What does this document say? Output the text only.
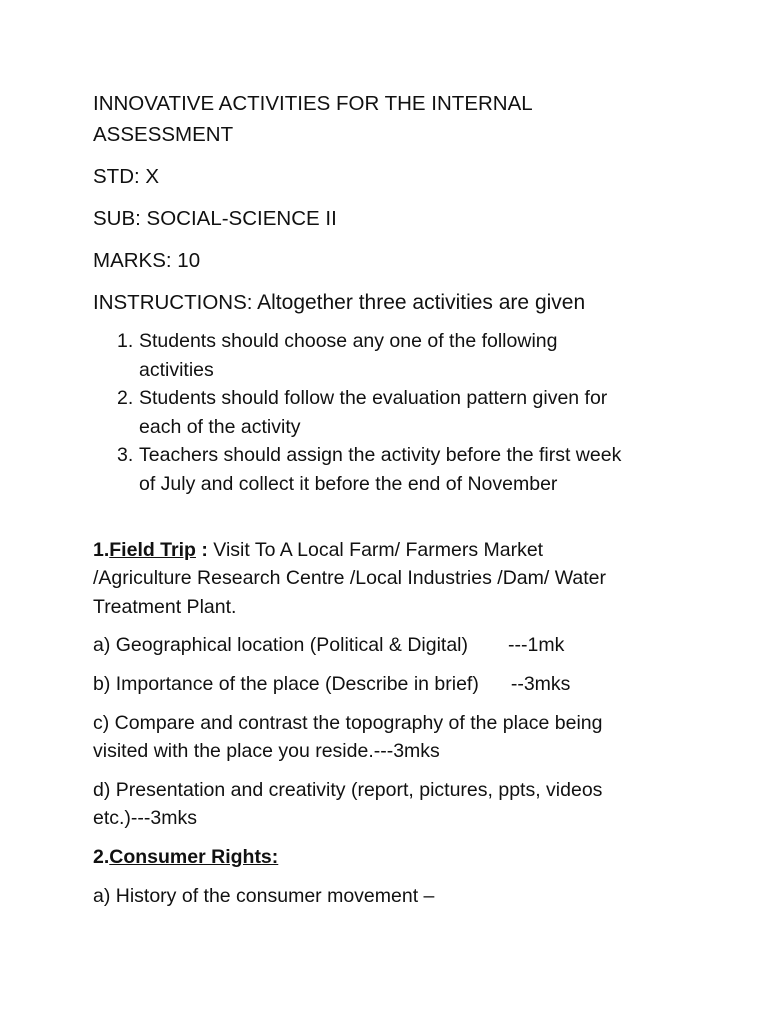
INNOVATIVE ACTIVITIES FOR THE INTERNAL

ASSESSMENT

STD: X

SUB: SOCIAL-SCIENCE II

MARKS: 10

INSTRUCTIONS: Altogether three activities are given

1. Students should choose any one of the following
activities
2. Students should follow the evaluation pattern given for
each of the activity
3. Teachers should assign the activity before the first week
of July and collect it before the end of November
1.Field Trip : Visit To A Local Farm/ Farmers Market
/Agriculture Research Centre /Local Industries /Dam/ Water
Treatment Plant.
a) Geographical location (Political & Digital) ---1mk
b) Importance of the place (Describe in brief) --3mks
c) Compare and contrast the topography of the place being
visited with the place you reside.---3mks
d) Presentation and creativity (report, pictures, ppts, videos
etc.)---3mks
2.Consumer Rights:
a) History of the consumer movement –
